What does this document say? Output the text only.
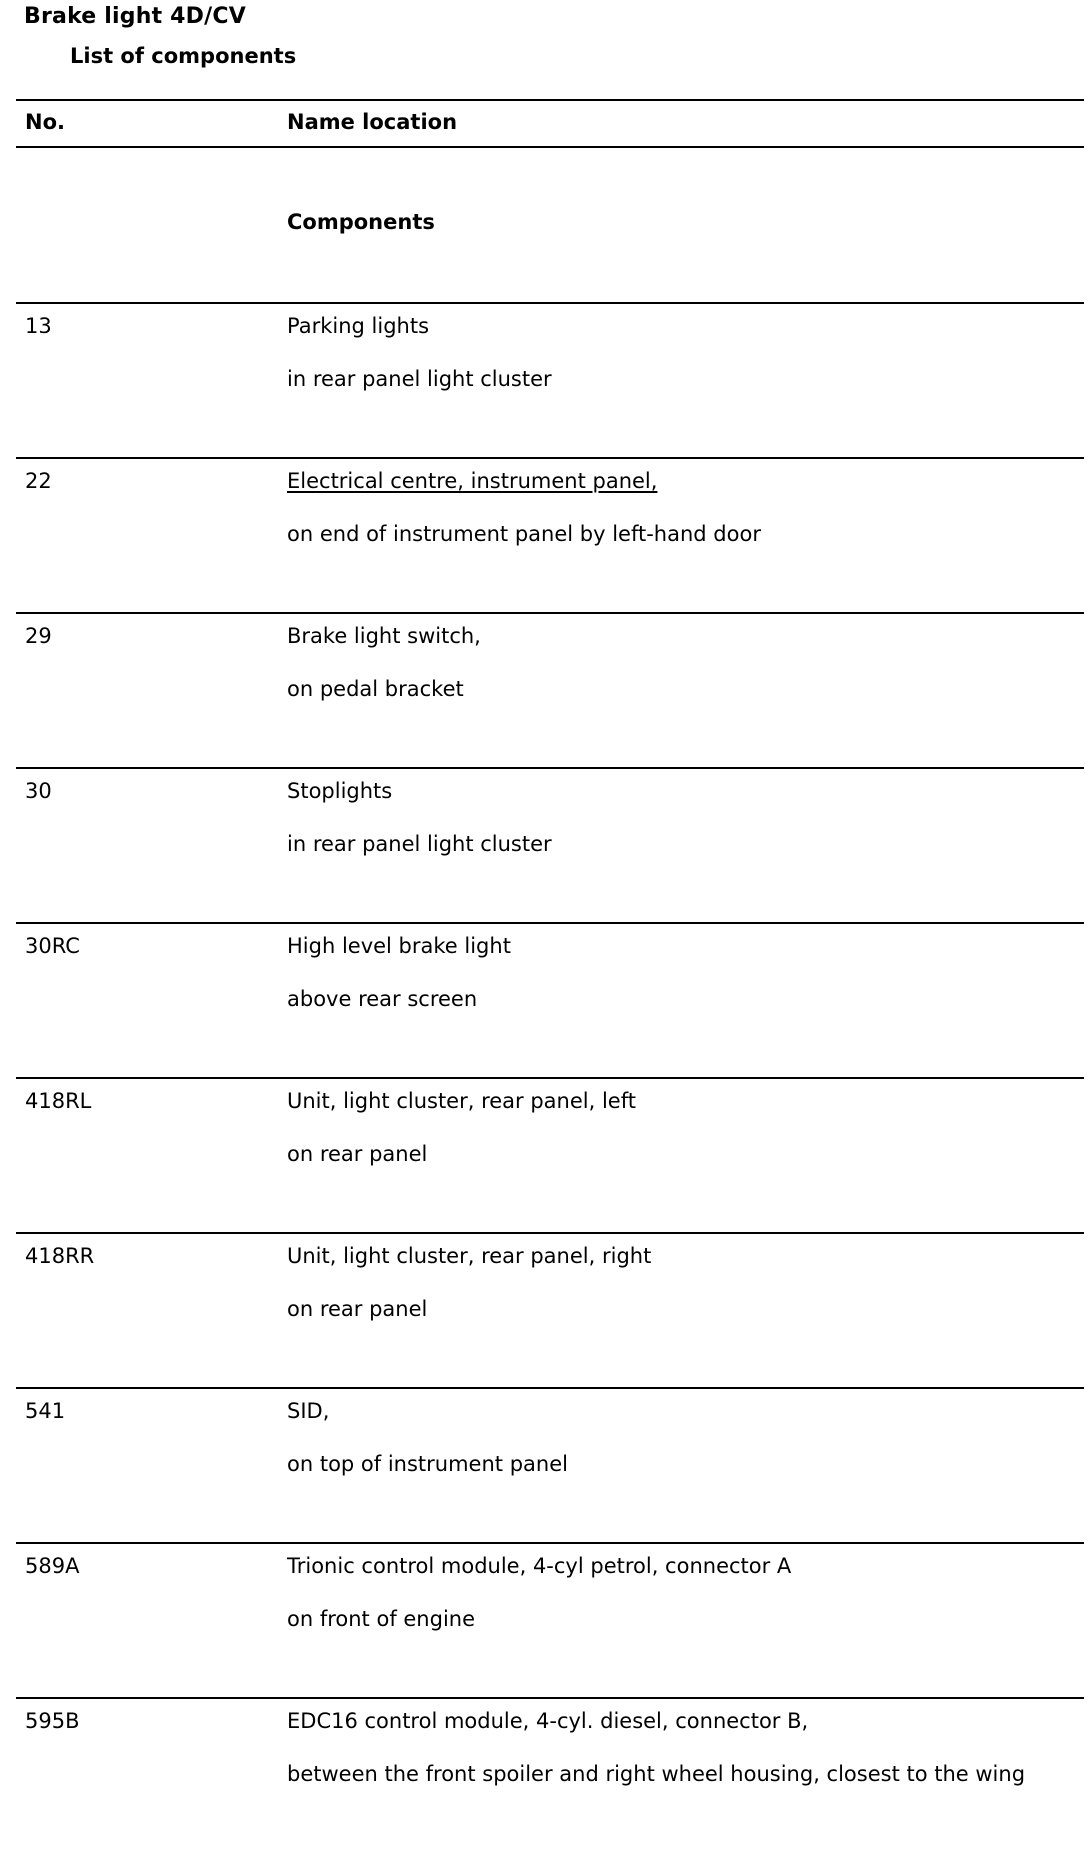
Brake light 4D/CV
List of components
No.	Name location
Components
13	Parking lights
in rear panel light cluster
22	Electrical centre, instrument panel,
on end of instrument panel by left-hand door
29	Brake light switch,
on pedal bracket
30	Stoplights
in rear panel light cluster
30RC	High level brake light
above rear screen
418RL	Unit, light cluster, rear panel, left
on rear panel
418RR	Unit, light cluster, rear panel, right
on rear panel
541	SID,
on top of instrument panel
589A	Trionic control module, 4-cyl petrol, connector A
on front of engine
595B	EDC16 control module, 4-cyl. diesel, connector B,
between the front spoiler and right wheel housing, closest to the wing
